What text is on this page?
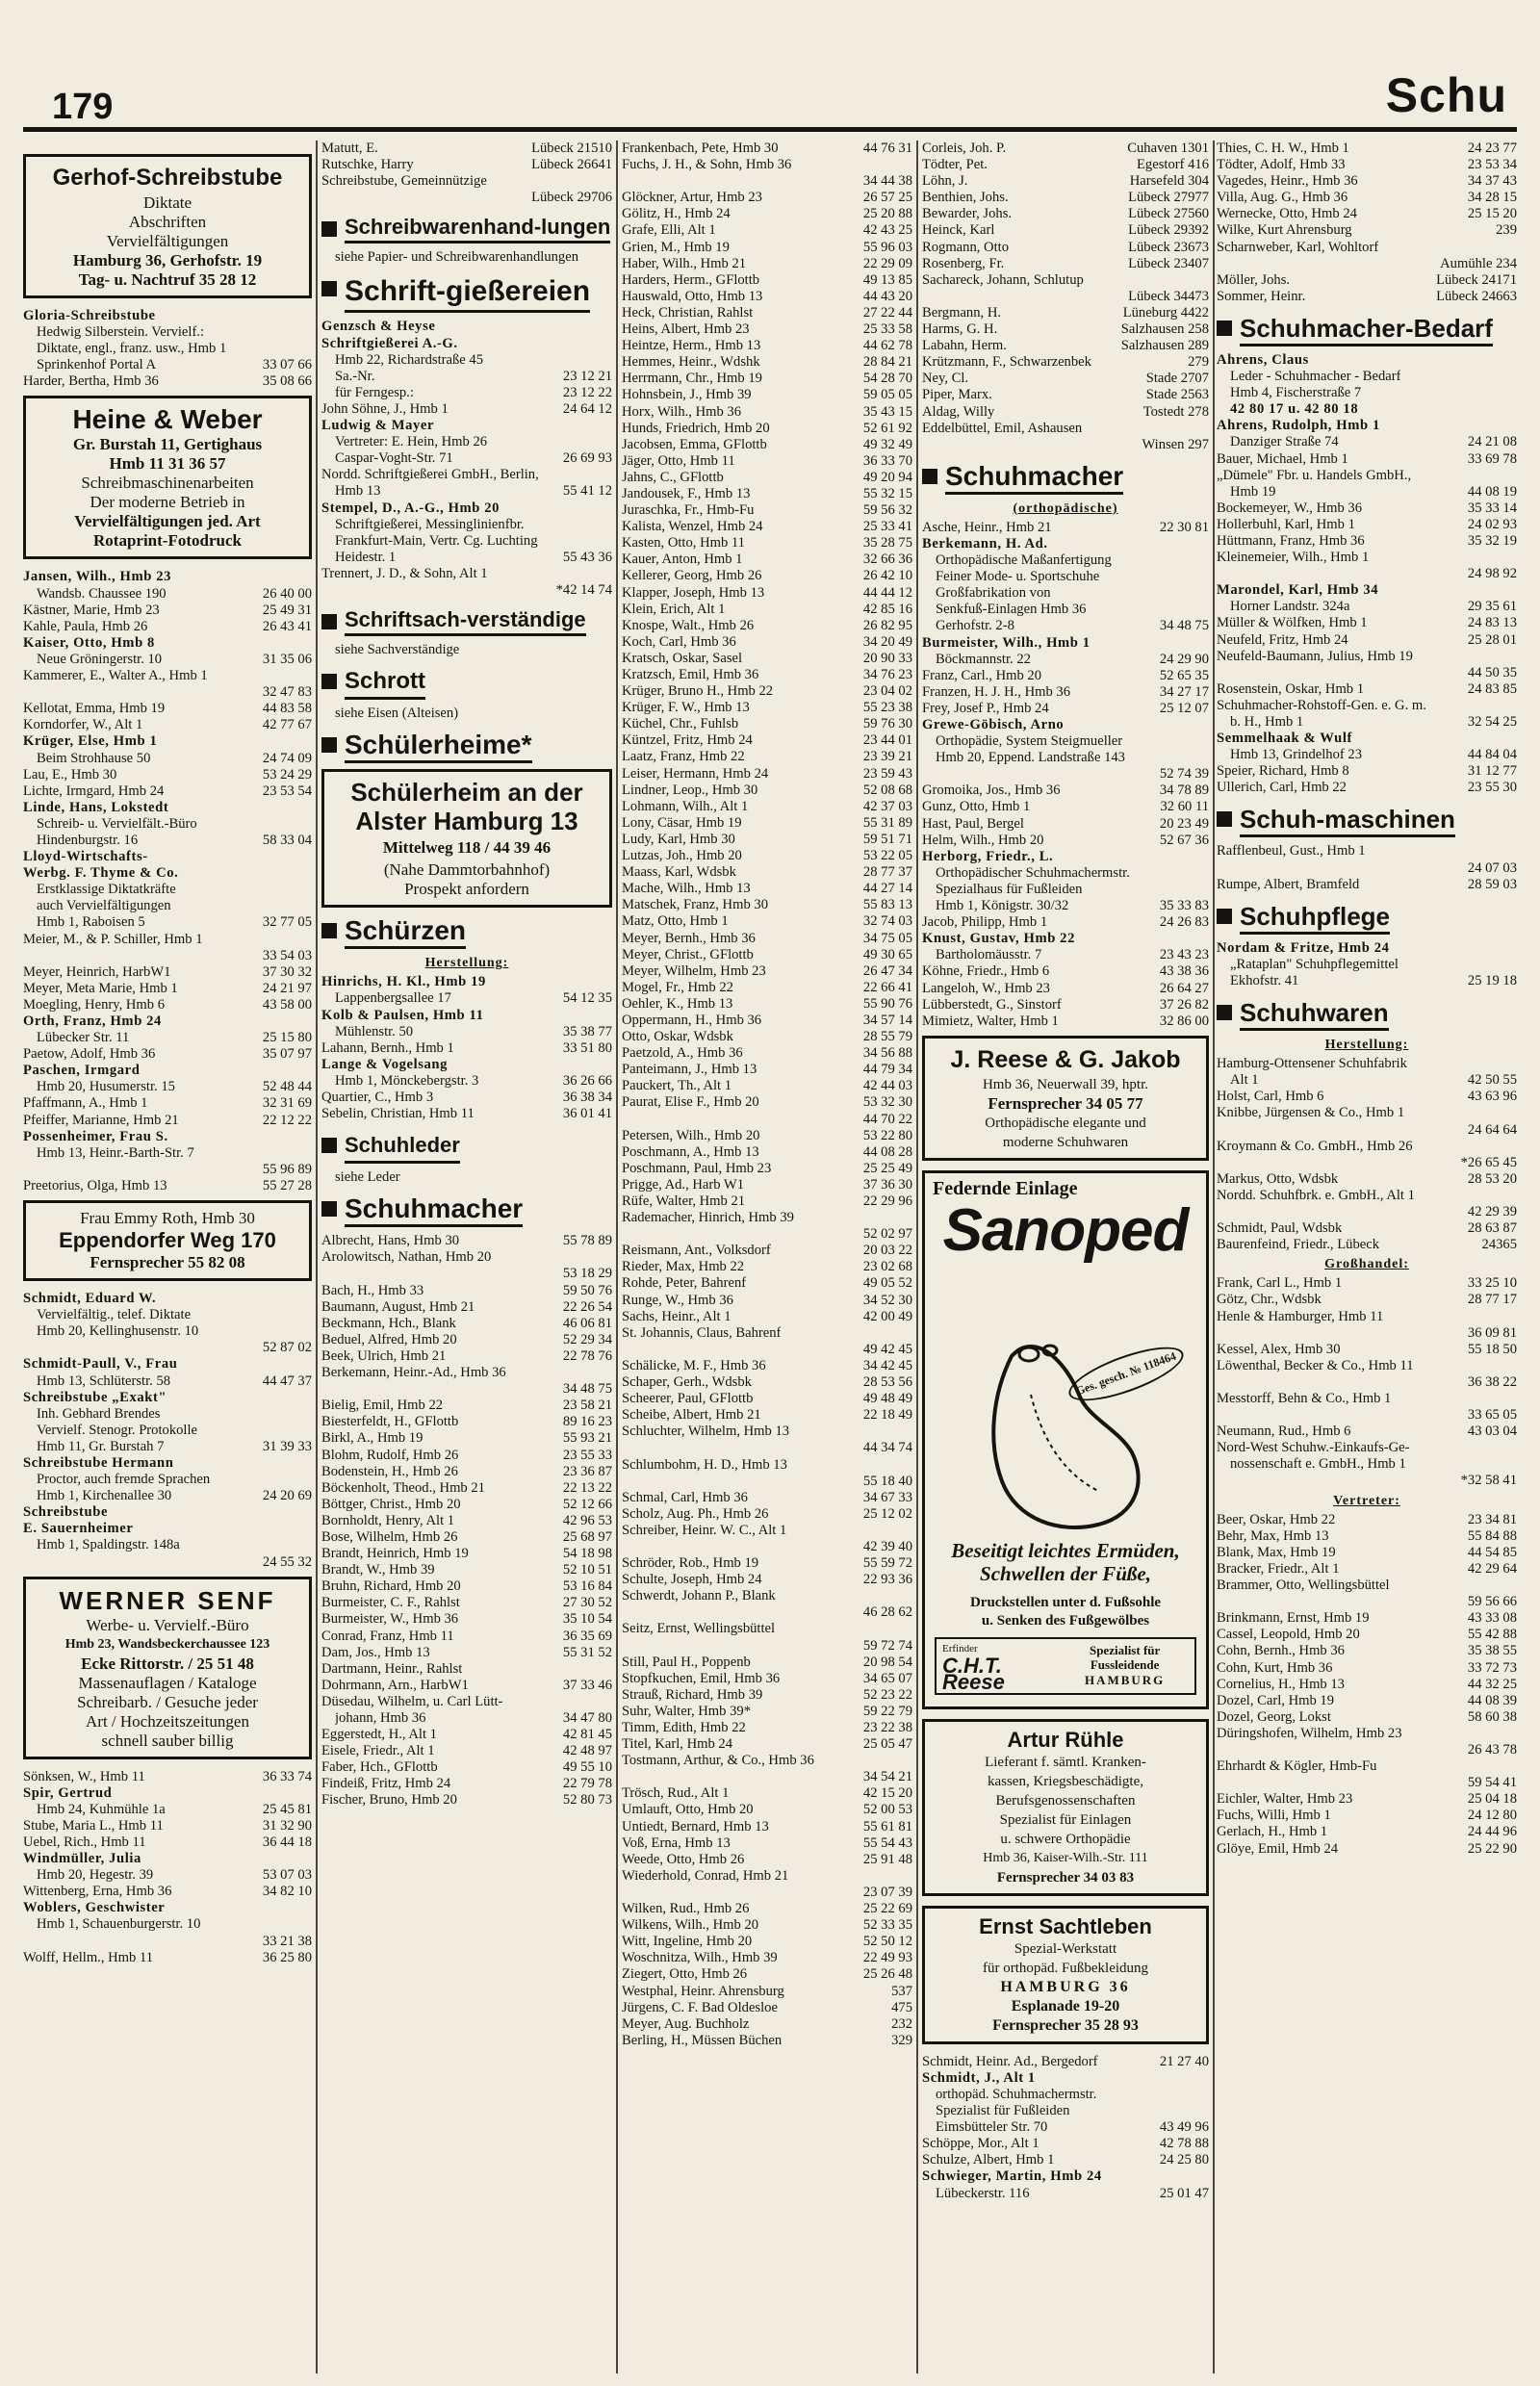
179	Schu
Gerhof-Schreibstube
Diktate
Abschriften
Vervielfältigungen
Hamburg 36, Gerhofstr. 19
Tag- u. Nachtruf 35 28 12
Gloria-Schreibstube
Hedwig Silberstein. Vervielf.:
Diktate, engl., franz. usw., Hmb 1
Sprinkenhof Portal A	33 07 66
Harder, Bertha, Hmb 36	35 08 66
Heine & Weber
Gr. Burstah 11, Gertighaus
Hmb 11 31 36 57
Schreibmaschinenarbeiten
Der moderne Betrieb in
Vervielfältigungen jed. Art
Rotaprint-Fotodruck
Jansen, Wilh., Hmb 23
Wandsb. Chaussee 190	26 40 00
Kästner, Marie, Hmb 23	25 49 31
Kahle, Paula, Hmb 26	26 43 41
Kaiser, Otto, Hmb 8
Neue Gröningerstr. 10	31 35 06
Kammerer, E., Walter A., Hmb 1
32 47 83
Kellotat, Emma, Hmb 19	44 83 58
Korndorfer, W., Alt 1	42 77 67
Krüger, Else, Hmb 1
Beim Strohhause 50	24 74 09
Lau, E., Hmb 30	53 24 29
Lichte, Irmgard, Hmb 24	23 53 54
Linde, Hans, Lokstedt
Schreib- u. Vervielfält.-Büro
Hindenburgstr. 16	58 33 04
Lloyd-Wirtschafts-
Werbg. F. Thyme & Co.
Erstklassige Diktatkräfte
auch Vervielfältigungen
Hmb 1, Raboisen 5	32 77 05
Meier, M., & P. Schiller, Hmb 1
33 54 03
Meyer, Heinrich, HarbW1	37 30 32
Meyer, Meta Marie, Hmb 1	24 21 97
Moegling, Henry, Hmb 6	43 58 00
Orth, Franz, Hmb 24
Lübecker Str. 11	25 15 80
Paetow, Adolf, Hmb 36	35 07 97
Paschen, Irmgard
Hmb 20, Husumerstr. 15	52 48 44
Pfaffmann, A., Hmb 1	32 31 69
Pfeiffer, Marianne, Hmb 21	22 12 22
Possenheimer, Frau S.
Hmb 13, Heinr.-Barth-Str. 7
55 96 89
Preetorius, Olga, Hmb 13	55 27 28
Frau Emmy Roth, Hmb 30
Eppendorfer Weg 170
Fernsprecher 55 82 08
Schmidt, Eduard W.
Vervielfältig., telef. Diktate
Hmb 20, Kellinghusenstr. 10
52 87 02
Schmidt-Paull, V., Frau
Hmb 13, Schlüterstr. 58	44 47 37
Schreibstube „Exakt"
Inh. Gebhard Brendes
Vervielf. Stenogr. Protokolle
Hmb 11, Gr. Burstah 7	31 39 33
Schreibstube Hermann
Proctor, auch fremde Sprachen
Hmb 1, Kirchenallee 30	24 20 69
Schreibstube
E. Sauernheimer
Hmb 1, Spaldingstr. 148a
24 55 32
WERNER SENF
Werbe- u. Vervielf.-Büro
Hmb 23, Wandsbeckerchaussee 123
Ecke Rittorstr. / 25 51 48
Massenauflagen / Kataloge
Schreibarb. / Gesuche jeder
Art / Hochzeitszeitungen
schnell sauber billig
Sönksen, W., Hmb 11	36 33 74
Spir, Gertrud
Hmb 24, Kuhmühle 1a	25 45 81
Stube, Maria L., Hmb 11	31 32 90
Uebel, Rich., Hmb 11	36 44 18
Windmüller, Julia
Hmb 20, Hegestr. 39	53 07 03
Wittenberg, Erna, Hmb 36	34 82 10
Woblers, Geschwister
Hmb 1, Schauenburgerstr. 10
33 21 38
Wolff, Hellm., Hmb 11	36 25 80
Matutt, E.	Lübeck 21510
Rutschke, Harry	Lübeck 26641
Schreibstube, Gemeinnützige
Lübeck 29706
Schreibwarenhand-lungen
siehe Papier- und Schreibwarenhandlungen
Schrift-gießereien
Genzsch & Heyse
Schriftgießerei A.-G.
Hmb 22, Richardstraße 45
Sa.-Nr.	23 12 21
für Ferngesp.:	23 12 22
John Söhne, J., Hmb 1	24 64 12
Ludwig & Mayer
Vertreter: E. Hein, Hmb 26
Caspar-Voght-Str. 71	26 69 93
Nordd. Schriftgießerei GmbH., Berlin,
Hmb 13	55 41 12
Stempel, D., A.-G., Hmb 20
Schriftgießerei, Messinglinienfbr.
Frankfurt-Main, Vertr. Cg. Luchting
Heidestr. 1	55 43 36
Trennert, J. D., & Sohn, Alt 1
*42 14 74
Schriftsach-verständige
siehe Sachverständige
Schrott
siehe Eisen (Alteisen)
Schülerheime*
Schülerheim an der Alster Hamburg 13
Mittelweg 118 / 44 39 46
(Nahe Dammtorbahnhof)
Prospekt anfordern
Schürzen
Herstellung:
Hinrichs, H. Kl., Hmb 19
Lappenbergsallee 17	54 12 35
Kolb & Paulsen, Hmb 11
Mühlenstr. 50	35 38 77
Lahann, Bernh., Hmb 1	33 51 80
Lange & Vogelsang
Hmb 1, Mönckebergstr. 3	36 26 66
Quartier, C., Hmb 3	36 38 34
Sebelin, Christian, Hmb 11	36 01 41
Schuhleder
siehe Leder
Schuhmacher
Albrecht, Hans, Hmb 30	55 78 89
Arolowitsch, Nathan, Hmb 20
53 18 29
Bach, H., Hmb 33	59 50 76
Baumann, August, Hmb 21	22 26 54
Beckmann, Hch., Blank	46 06 81
Beduel, Alfred, Hmb 20	52 29 34
Beek, Ulrich, Hmb 21	22 78 76
Berkemann, Heinr.-Ad., Hmb 36
34 48 75
Bielig, Emil, Hmb 22	23 58 21
Biesterfeldt, H., GFlottb	89 16 23
Birkl, A., Hmb 19	55 93 21
Blohm, Rudolf, Hmb 26	23 55 33
Bodenstein, H., Hmb 26	23 36 87
Böckenholt, Theod., Hmb 21	22 13 22
Böttger, Christ., Hmb 20	52 12 66
Bornholdt, Henry, Alt 1	42 96 53
Bose, Wilhelm, Hmb 26	25 68 97
Brandt, Heinrich, Hmb 19	54 18 98
Brandt, W., Hmb 39	52 10 51
Bruhn, Richard, Hmb 20	53 16 84
Burmeister, C. F., Rahlst	27 30 52
Burmeister, W., Hmb 36	35 10 54
Conrad, Franz, Hmb 11	36 35 69
Dam, Jos., Hmb 13	55 31 52
Dartmann, Heinr., Rahlst
Dohrmann, Arn., HarbW1	37 33 46
Düsedau, Wilhelm, u. Carl Lütt-
johann, Hmb 36	34 47 80
Eggerstedt, H., Alt 1	42 81 45
Eisele, Friedr., Alt 1	42 48 97
Faber, Hch., GFlottb	49 55 10
Findeiß, Fritz, Hmb 24	22 79 78
Fischer, Bruno, Hmb 20	52 80 73
Frankenbach, Pete, Hmb 30	44 76 31
Fuchs, J. H., & Sohn, Hmb 36
34 44 38
Glöckner, Artur, Hmb 23	26 57 25
Gölitz, H., Hmb 24	25 20 88
Grafe, Elli, Alt 1	42 43 25
Grien, M., Hmb 19	55 96 03
Haber, Wilh., Hmb 21	22 29 09
Harders, Herm., GFlottb	49 13 85
Hauswald, Otto, Hmb 13	44 43 20
Heck, Christian, Rahlst	27 22 44
Heins, Albert, Hmb 23	25 33 58
Heintze, Herm., Hmb 13	44 62 78
Hemmes, Heinr., Wdshk	28 84 21
Herrmann, Chr., Hmb 19	54 28 70
Hohnsbein, J., Hmb 39	59 05 05
Horx, Wilh., Hmb 36	35 43 15
Hunds, Friedrich, Hmb 20	52 61 92
Jacobsen, Emma, GFlottb	49 32 49
Jäger, Otto, Hmb 11	36 33 70
Jahns, C., GFlottb	49 20 94
Jandousek, F., Hmb 13	55 32 15
Juraschka, Fr., Hmb-Fu	59 56 32
Kalista, Wenzel, Hmb 24	25 33 41
Kasten, Otto, Hmb 11	35 28 75
Kauer, Anton, Hmb 1	32 66 36
Kellerer, Georg, Hmb 26	26 42 10
Klapper, Joseph, Hmb 13	44 44 12
Klein, Erich, Alt 1	42 85 16
Knospe, Walt., Hmb 26	26 82 95
Koch, Carl, Hmb 36	34 20 49
Kratsch, Oskar, Sasel	20 90 33
Kratzsch, Emil, Hmb 36	34 76 23
Krüger, Bruno H., Hmb 22	23 04 02
Krüger, F. W., Hmb 13	55 23 38
Küchel, Chr., Fuhlsb	59 76 30
Küntzel, Fritz, Hmb 24	23 44 01
Laatz, Franz, Hmb 22	23 39 21
Leiser, Hermann, Hmb 24	23 59 43
Lindner, Leop., Hmb 30	52 08 68
Lohmann, Wilh., Alt 1	42 37 03
Lony, Cäsar, Hmb 19	55 31 89
Ludy, Karl, Hmb 30	59 51 71
Lutzas, Joh., Hmb 20	53 22 05
Maass, Karl, Wdsbk	28 77 37
Mache, Wilh., Hmb 13	44 27 14
Matschek, Franz, Hmb 30	55 83 13
Matz, Otto, Hmb 1	32 74 03
Meyer, Bernh., Hmb 36	34 75 05
Meyer, Christ., GFlottb	49 30 65
Meyer, Wilhelm, Hmb 23	26 47 34
Mogel, Fr., Hmb 22	22 66 41
Oehler, K., Hmb 13	55 90 76
Oppermann, H., Hmb 36	34 57 14
Otto, Oskar, Wdsbk	28 55 79
Paetzold, A., Hmb 36	34 56 88
Panteimann, J., Hmb 13	44 79 34
Pauckert, Th., Alt 1	42 44 03
Paurat, Elise F., Hmb 20	53 32 30
44 70 22
Petersen, Wilh., Hmb 20	53 22 80
Poschmann, A., Hmb 13	44 08 28
Poschmann, Paul, Hmb 23	25 25 49
Prigge, Ad., Harb W1	37 36 30
Rüfe, Walter, Hmb 21	22 29 96
Rademacher, Hinrich, Hmb 39
52 02 97
Reismann, Ant., Volksdorf	20 03 22
Rieder, Max, Hmb 22	23 02 68
Rohde, Peter, Bahrenf	49 05 52
Runge, W., Hmb 36	34 52 30
Sachs, Heinr., Alt 1	42 00 49
St. Johannis, Claus, Bahrenf
49 42 45
Schälicke, M. F., Hmb 36	34 42 45
Schaper, Gerh., Wdsbk	28 53 56
Scheerer, Paul, GFlottb	49 48 49
Scheibe, Albert, Hmb 21	22 18 49
Schluchter, Wilhelm, Hmb 13
44 34 74
Schlumbohm, H. D., Hmb 13
55 18 40
Schmal, Carl, Hmb 36	34 67 33
Scholz, Aug. Ph., Hmb 26	25 12 02
Schreiber, Heinr. W. C., Alt 1
42 39 40
Schröder, Rob., Hmb 19	55 59 72
Schulte, Joseph, Hmb 24	22 93 36
Schwerdt, Johann P., Blank
46 28 62
Seitz, Ernst, Wellingsbüttel
59 72 74
Still, Paul H., Poppenb	20 98 54
Stopfkuchen, Emil, Hmb 36	34 65 07
Strauß, Richard, Hmb 39	52 23 22
Suhr, Walter, Hmb 39*	59 22 79
Timm, Edith, Hmb 22	23 22 38
Titel, Karl, Hmb 24	25 05 47
Tostmann, Arthur, & Co., Hmb 36
34 54 21
Trösch, Rud., Alt 1	42 15 20
Umlauft, Otto, Hmb 20	52 00 53
Untiedt, Bernard, Hmb 13	55 61 81
Voß, Erna, Hmb 13	55 54 43
Weede, Otto, Hmb 26	25 91 48
Wiederhold, Conrad, Hmb 21
23 07 39
Wilken, Rud., Hmb 26	25 22 69
Wilkens, Wilh., Hmb 20	52 33 35
Witt, Ingeline, Hmb 20	52 50 12
Woschnitza, Wilh., Hmb 39	22 49 93
Ziegert, Otto, Hmb 26	25 26 48
Westphal, Heinr. Ahrensburg	537
Jürgens, C. F. Bad Oldesloe	475
Meyer, Aug. Buchholz	232
Berling, H., Müssen Büchen	329
Corleis, Joh. P.	Cuhaven 1301
Tödter, Pet.	Egestorf 416
Löhn, J.	Harsefeld 304
Benthien, Johs.	Lübeck 27977
Bewarder, Johs.	Lübeck 27560
Heinck, Karl	Lübeck 29392
Rogmann, Otto	Lübeck 23673
Rosenberg, Fr.	Lübeck 23407
Sachareck, Johann, Schlutup
Lübeck 34473
Bergmann, H.	Lüneburg 4422
Harms, G. H.	Salzhausen 258
Labahn, Herm.	Salzhausen 289
Krützmann, F., Schwarzenbek	279
Ney, Cl.	Stade 2707
Piper, Marx.	Stade 2563
Aldag, Willy	Tostedt 278
Eddelbüttel, Emil, Ashausen
Winsen 297
Schuhmacher
(orthopädische)
Asche, Heinr., Hmb 21	22 30 81
Berkemann, H. Ad.
Orthopädische Maßanfertigung
Feiner Mode- u. Sportschuhe
Großfabrikation von
Senkfuß-Einlagen Hmb 36
Gerhofstr. 2-8	34 48 75
Burmeister, Wilh., Hmb 1
Böckmannstr. 22	24 29 90
Franz, Carl., Hmb 20	52 65 35
Franzen, H. J. H., Hmb 36	34 27 17
Frey, Josef P., Hmb 24	25 12 07
Grewe-Göbisch, Arno
Orthopädie, System Steigmueller
Hmb 20, Eppend. Landstraße 143
52 74 39
Gromoika, Jos., Hmb 36	34 78 89
Gunz, Otto, Hmb 1	32 60 11
Hast, Paul, Bergel	20 23 49
Helm, Wilh., Hmb 20	52 67 36
Herborg, Friedr., L.
Orthopädischer Schuhmachermstr.
Spezialhaus für Fußleiden
Hmb 1, Königstr. 30/32	35 33 83
Jacob, Philipp, Hmb 1	24 26 83
Knust, Gustav, Hmb 22
Bartholomäusstr. 7	23 43 23
Köhne, Friedr., Hmb 6	43 38 36
Langeloh, W., Hmb 23	26 64 27
Lübberstedt, G., Sinstorf	37 26 82
Mimietz, Walter, Hmb 1	32 86 00
J. Reese & G. Jakob
Hmb 36, Neuerwall 39, hptr.
Fernsprecher 34 05 77
Orthopädische elegante und
moderne Schuhwaren
Federnde Einlage
Sanoped
Ges. gesch. № 118464
Beseitigt leichtes Ermüden, Schwellen der Füße,
Druckstellen unter d. Fußsohle
u. Senken des Fußgewölbes
Erfinder
C.H.T. Reese
Spezialist für Fussleidende
HAMBURG
Artur Rühle
Lieferant f. sämtl. Kranken-
kassen, Kriegsbeschädigte,
Berufsgenossenschaften
Spezialist für Einlagen
u. schwere Orthopädie
Hmb 36, Kaiser-Wilh.-Str. 111
Fernsprecher 34 03 83
Ernst Sachtleben
Spezial-Werkstatt
für orthopäd. Fußbekleidung
HAMBURG 36
Esplanade 19-20
Fernsprecher 35 28 93
Schmidt, Heinr. Ad., Bergedorf	21 27 40
Schmidt, J., Alt 1
orthopäd. Schuhmachermstr.
Spezialist für Fußleiden
Eimsbütteler Str. 70	43 49 96
Schöppe, Mor., Alt 1	42 78 88
Schulze, Albert, Hmb 1	24 25 80
Schwieger, Martin, Hmb 24
Lübeckerstr. 116	25 01 47
Thies, C. H. W., Hmb 1	24 23 77
Tödter, Adolf, Hmb 33	23 53 34
Vagedes, Heinr., Hmb 36	34 37 43
Villa, Aug. G., Hmb 36	34 28 15
Wernecke, Otto, Hmb 24	25 15 20
Wilke, Kurt Ahrensburg	239
Scharnweber, Karl, Wohltorf
Aumühle 234
Möller, Johs.	Lübeck 24171
Sommer, Heinr.	Lübeck 24663
Schuhmacher-Bedarf
Ahrens, Claus
Leder - Schuhmacher - Bedarf
Hmb 4, Fischerstraße 7
42 80 17 u. 42 80 18
Ahrens, Rudolph, Hmb 1
Danziger Straße 74	24 21 08
Bauer, Michael, Hmb 1	33 69 78
„Dümele" Fbr. u. Handels GmbH.,
Hmb 19	44 08 19
Bockemeyer, W., Hmb 36	35 33 14
Hollerbuhl, Karl, Hmb 1	24 02 93
Hüttmann, Franz, Hmb 36	35 32 19
Kleinemeier, Wilh., Hmb 1
24 98 92
Marondel, Karl, Hmb 34
Horner Landstr. 324a	29 35 61
Müller & Wölfken, Hmb 1	24 83 13
Neufeld, Fritz, Hmb 24	25 28 01
Neufeld-Baumann, Julius, Hmb 19
44 50 35
Rosenstein, Oskar, Hmb 1	24 83 85
Schuhmacher-Rohstoff-Gen. e. G. m.
b. H., Hmb 1	32 54 25
Semmelhaak & Wulf
Hmb 13, Grindelhof 23	44 84 04
Speier, Richard, Hmb 8	31 12 77
Ullerich, Carl, Hmb 22	23 55 30
Schuh-maschinen
Rafflenbeul, Gust., Hmb 1
24 07 03
Rumpe, Albert, Bramfeld	28 59 03
Schuhpflege
Nordam & Fritze, Hmb 24
„Rataplan" Schuhpflegemittel
Ekhofstr. 41	25 19 18
Schuhwaren
Herstellung:
Hamburg-Ottensener Schuhfabrik
Alt 1	42 50 55
Holst, Carl, Hmb 6	43 63 96
Knibbe, Jürgensen & Co., Hmb 1
24 64 64
Kroymann & Co. GmbH., Hmb 26
*26 65 45
Markus, Otto, Wdsbk	28 53 20
Nordd. Schuhfbrk. e. GmbH., Alt 1
42 29 39
Schmidt, Paul, Wdsbk	28 63 87
Baurenfeind, Friedr., Lübeck	24365
Großhandel:
Frank, Carl L., Hmb 1	33 25 10
Götz, Chr., Wdsbk	28 77 17
Henle & Hamburger, Hmb 11
36 09 81
Kessel, Alex, Hmb 30	55 18 50
Löwenthal, Becker & Co., Hmb 11
36 38 22
Messtorff, Behn & Co., Hmb 1
33 65 05
Neumann, Rud., Hmb 6	43 03 04
Nord-West Schuhw.-Einkaufs-Ge-
nossenschaft e. GmbH., Hmb 1
*32 58 41
Vertreter:
Beer, Oskar, Hmb 22	23 34 81
Behr, Max, Hmb 13	55 84 88
Blank, Max, Hmb 19	44 54 85
Bracker, Friedr., Alt 1	42 29 64
Brammer, Otto, Wellingsbüttel
59 56 66
Brinkmann, Ernst, Hmb 19	43 33 08
Cassel, Leopold, Hmb 20	55 42 88
Cohn, Bernh., Hmb 36	35 38 55
Cohn, Kurt, Hmb 36	33 72 73
Cornelius, H., Hmb 13	44 32 25
Dozel, Carl, Hmb 19	44 08 39
Dozel, Georg, Lokst	58 60 38
Düringshofen, Wilhelm, Hmb 23
26 43 78
Ehrhardt & Kögler, Hmb-Fu
59 54 41
Eichler, Walter, Hmb 23	25 04 18
Fuchs, Willi, Hmb 1	24 12 80
Gerlach, H., Hmb 1	24 44 96
Glöye, Emil, Hmb 24	25 22 90
